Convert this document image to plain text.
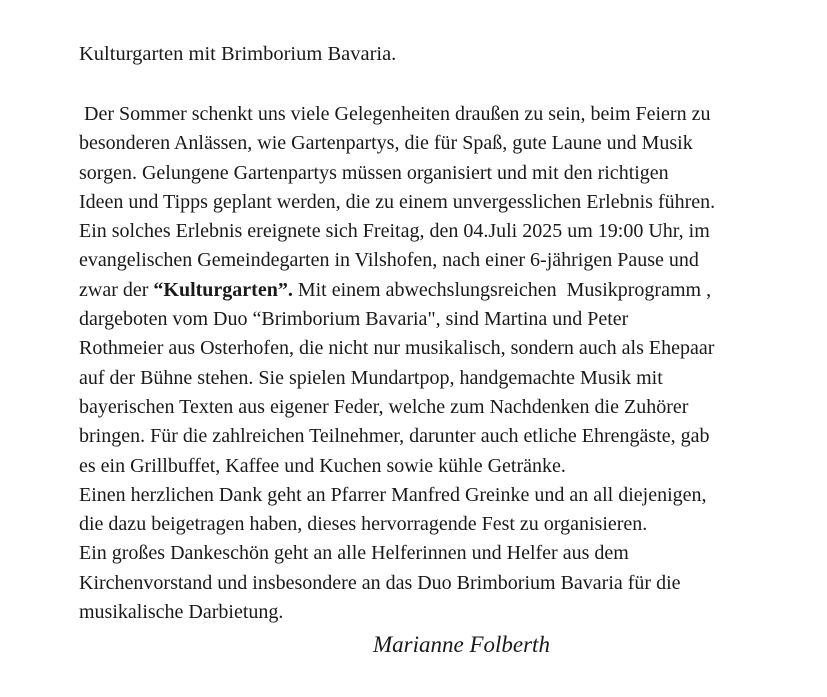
Kulturgarten mit Brimborium Bavaria.
Der Sommer schenkt uns viele Gelegenheiten draußen zu sein, beim Feiern zu
besonderen Anlässen, wie Gartenpartys, die für Spaß, gute Laune und Musik
sorgen. Gelungene Gartenpartys müssen organisiert und mit den richtigen
Ideen und Tipps geplant werden, die zu einem unvergesslichen Erlebnis führen.
Ein solches Erlebnis ereignete sich Freitag, den 04.Juli 2025 um 19:00 Uhr, im
evangelischen Gemeindegarten in Vilshofen, nach einer 6-jährigen Pause und
zwar der “Kulturgarten”. Mit einem abwechslungsreichen  Musikprogramm ,
dargeboten vom Duo “Brimborium Bavaria", sind Martina und Peter
Rothmeier aus Osterhofen, die nicht nur musikalisch, sondern auch als Ehepaar
auf der Bühne stehen. Sie spielen Mundartpop, handgemachte Musik mit
bayerischen Texten aus eigener Feder, welche zum Nachdenken die Zuhörer
bringen. Für die zahlreichen Teilnehmer, darunter auch etliche Ehrengäste, gab
es ein Grillbuffet, Kaffee und Kuchen sowie kühle Getränke.
Einen herzlichen Dank geht an Pfarrer Manfred Greinke und an all diejenigen,
die dazu beigetragen haben, dieses hervorragende Fest zu organisieren.
Ein großes Dankeschön geht an alle Helferinnen und Helfer aus dem
Kirchenvorstand und insbesondere an das Duo Brimborium Bavaria für die
musikalische Darbietung.
Marianne Folberth
